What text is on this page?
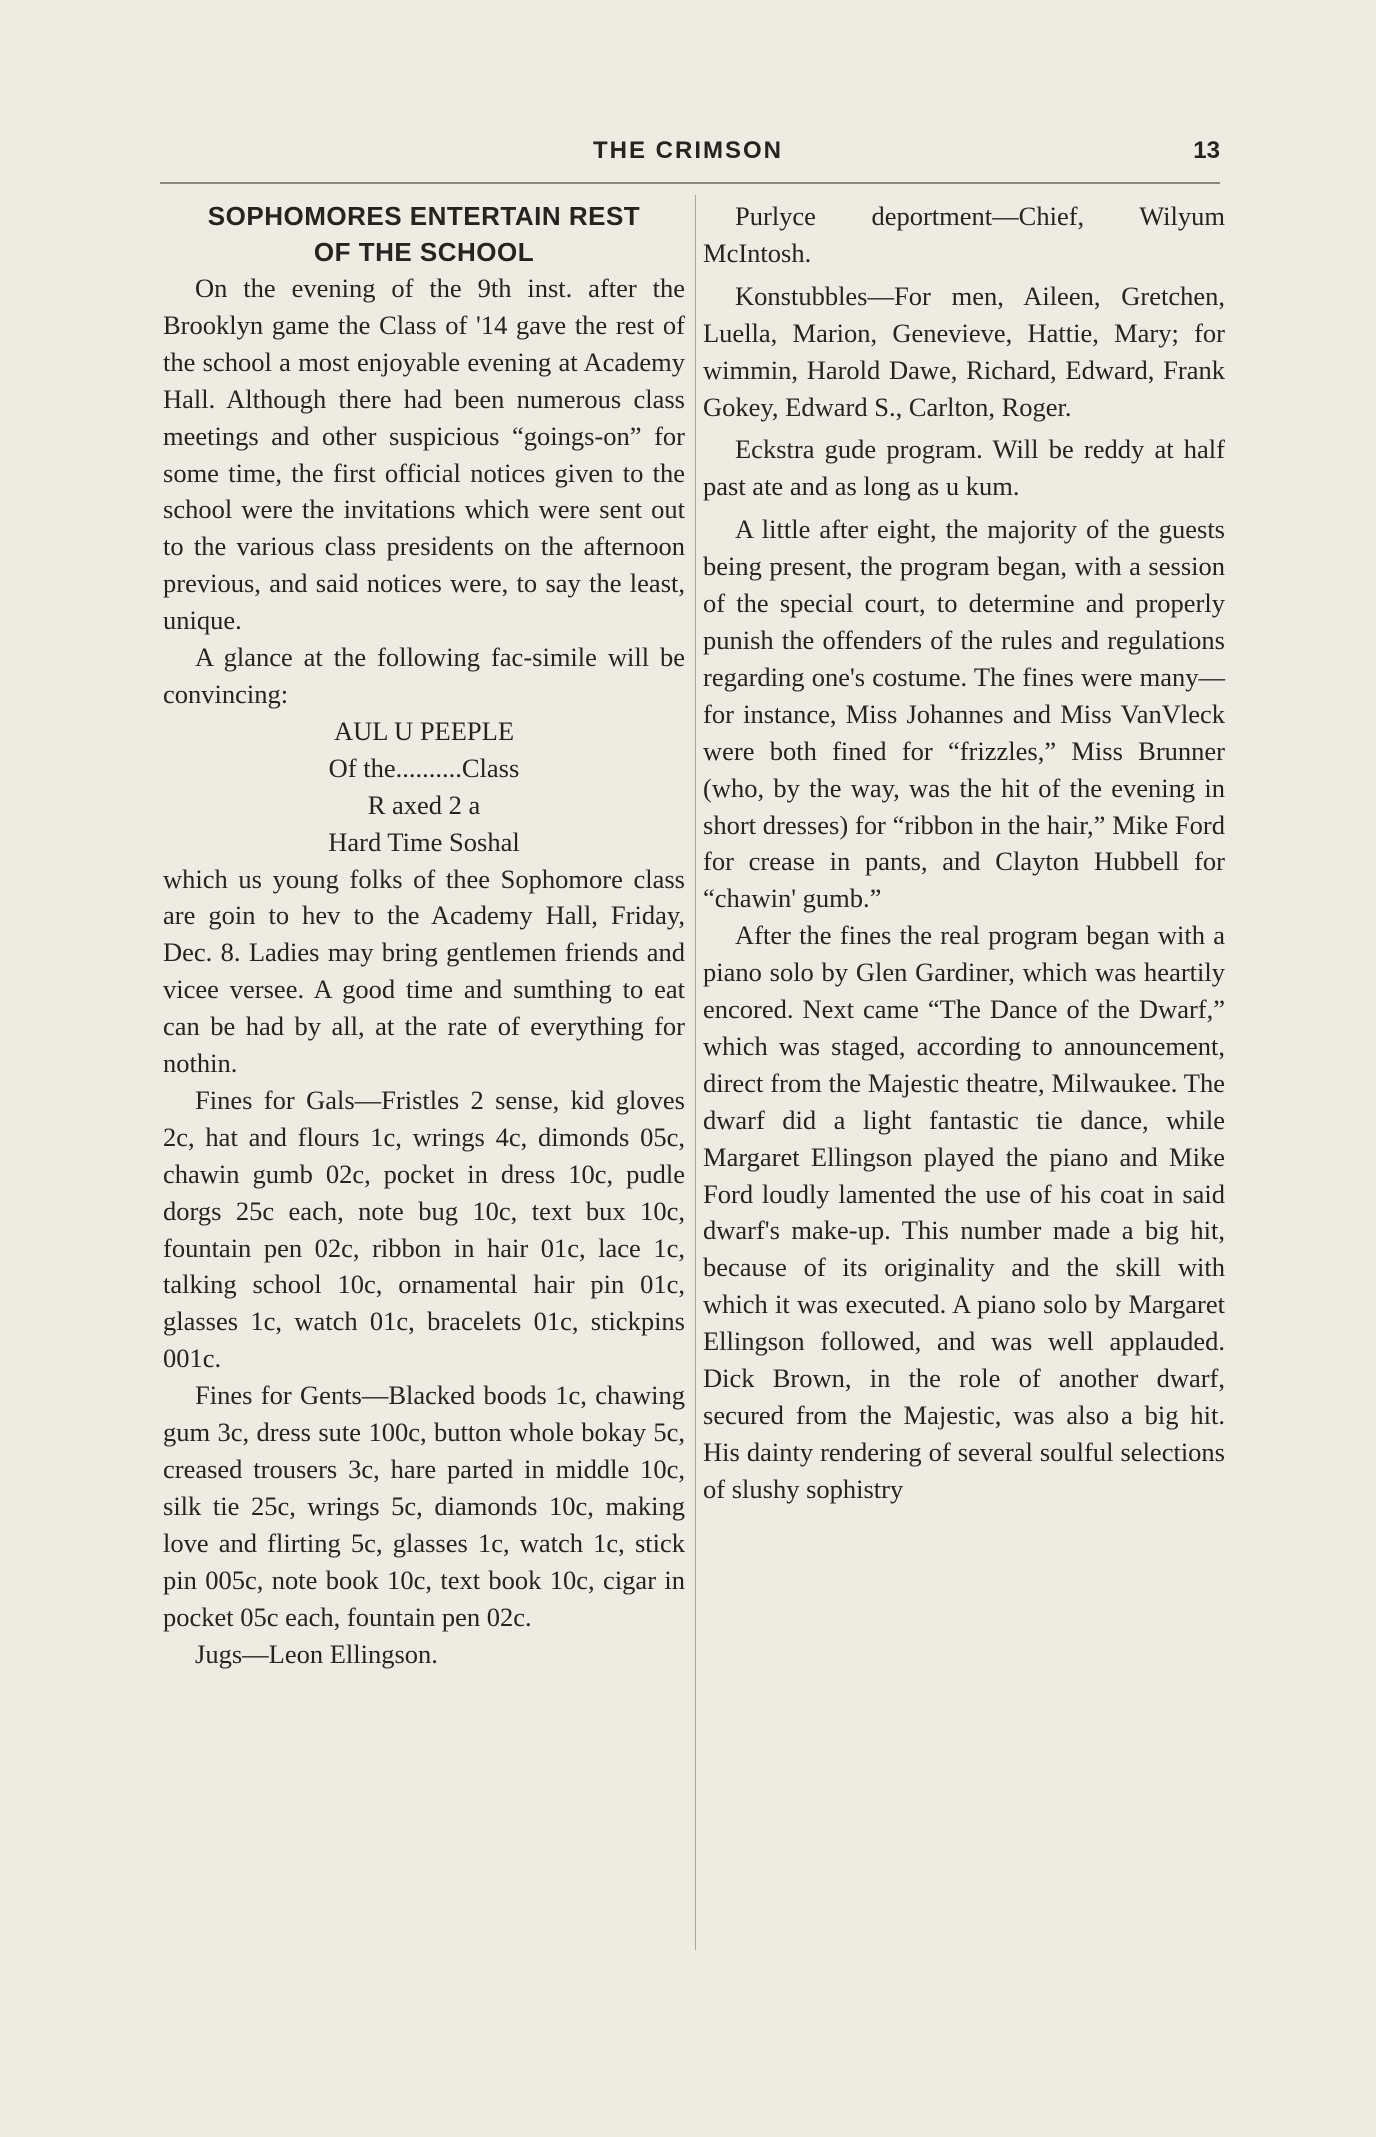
THE CRIMSON	13
SOPHOMORES ENTERTAIN REST
OF THE SCHOOL

On the evening of the 9th inst. after the Brooklyn game the Class of '14 gave the rest of the school a most enjoyable evening at Academy Hall. Although there had been numerous class meetings and other suspicious “goings-on” for some time, the first official notices given to the school were the invitations which were sent out to the various class presidents on the afternoon previous, and said notices were, to say the least, unique.

A glance at the following fac-simile will be convincing:

AUL U PEEPLE

Of the..........Class

R axed 2 a

Hard Time Soshal

which us young folks of thee Sophomore class are goin to hev to the Academy Hall, Friday, Dec. 8. Ladies may bring gentlemen friends and vicee versee. A good time and sumthing to eat can be had by all, at the rate of everything for nothin.

Fines for Gals—Fristles 2 sense, kid gloves 2c, hat and flours 1c, wrings 4c, dimonds 05c, chawin gumb 02c, pocket in dress 10c, pudle dorgs 25c each, note bug 10c, text bux 10c, fountain pen 02c, ribbon in hair 01c, lace 1c, talking school 10c, ornamental hair pin 01c, glasses 1c, watch 01c, bracelets 01c, stickpins 001c.

Fines for Gents—Blacked boods 1c, chawing gum 3c, dress sute 100c, button whole bokay 5c, creased trousers 3c, hare parted in middle 10c, silk tie 25c, wrings 5c, diamonds 10c, making love and flirting 5c, glasses 1c, watch 1c, stick pin 005c, note book 10c, text book 10c, cigar in pocket 05c each, fountain pen 02c.

Jugs—Leon Ellingson.

Purlyce deportment—Chief, Wilyum McIntosh.

Konstubbles—For men, Aileen, Gretchen, Luella, Marion, Genevieve, Hattie, Mary; for wimmin, Harold Dawe, Richard, Edward, Frank Gokey, Edward S., Carlton, Roger.

Eckstra gude program. Will be reddy at half past ate and as long as u kum.

A little after eight, the majority of the guests being present, the program began, with a session of the special court, to determine and properly punish the offenders of the rules and regulations regarding one's costume. The fines were many—for instance, Miss Johannes and Miss VanVleck were both fined for “frizzles,” Miss Brunner (who, by the way, was the hit of the evening in short dresses) for “ribbon in the hair,” Mike Ford for crease in pants, and Clayton Hubbell for “chawin' gumb.”

After the fines the real program began with a piano solo by Glen Gardiner, which was heartily encored. Next came “The Dance of the Dwarf,” which was staged, according to announcement, direct from the Majestic theatre, Milwaukee. The dwarf did a light fantastic tie dance, while Margaret Ellingson played the piano and Mike Ford loudly lamented the use of his coat in said dwarf's make-up. This number made a big hit, because of its originality and the skill with which it was executed. A piano solo by Margaret Ellingson followed, and was well applauded. Dick Brown, in the role of another dwarf, secured from the Majestic, was also a big hit. His dainty rendering of several soulful selections of slushy sophistry
